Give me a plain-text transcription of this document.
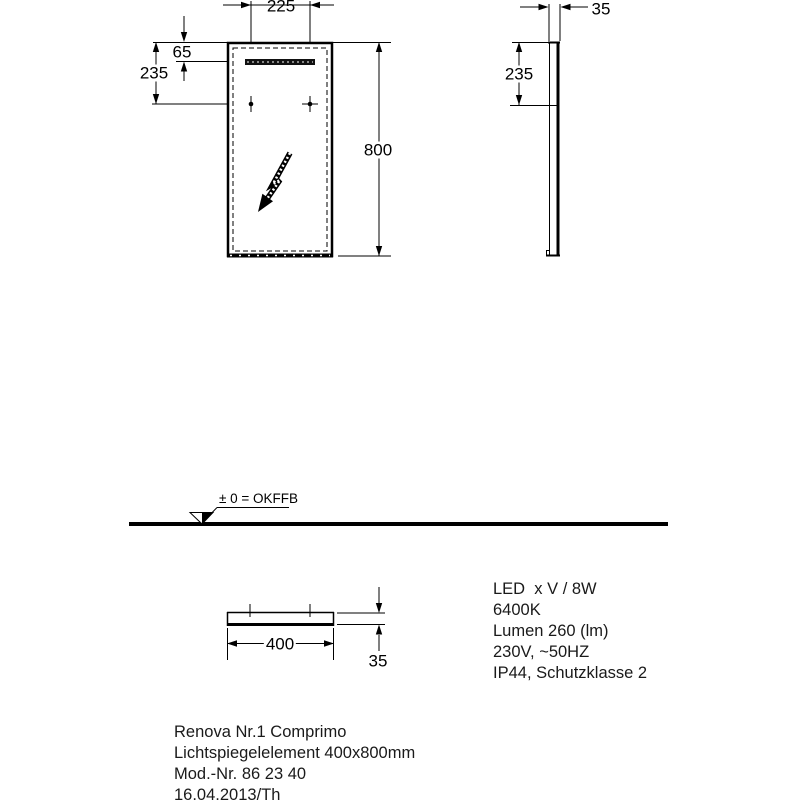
225
65
235
800
35
235
400
35
± 0 = OKFFB
LED  x V / 8W
6400K
Lumen 260 (lm)
230V, ~50HZ
IP44, Schutzklasse 2
Renova Nr.1 Comprimo
Lichtspiegelelement 400x800mm
Mod.-Nr. 86 23 40
16.04.2013/Th
